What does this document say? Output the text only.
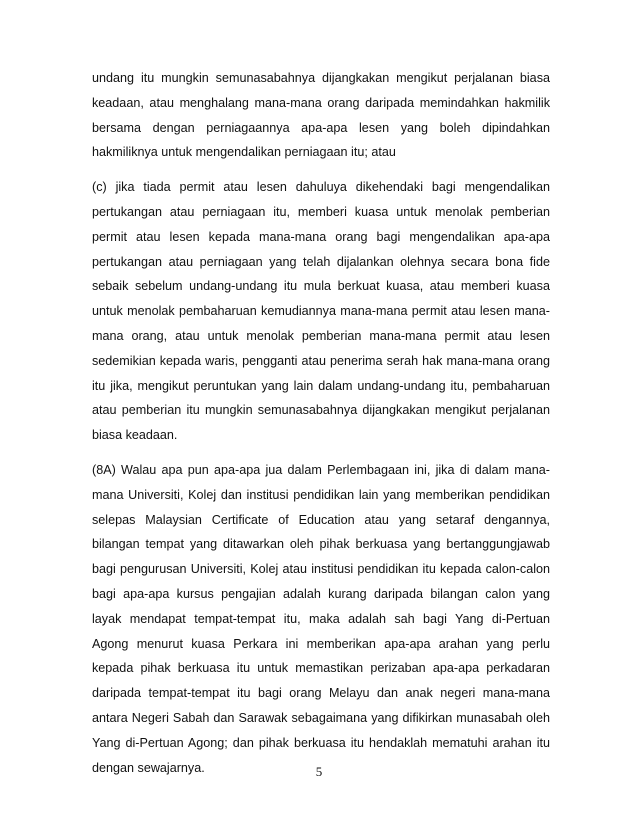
undang itu mungkin semunasabahnya dijangkakan mengikut perjalanan biasa
keadaan, atau menghalang mana-mana orang daripada memindahkan hakmilik
bersama dengan perniagaannya apa-apa lesen yang boleh dipindahkan
hakmiliknya untuk mengendalikan perniagaan itu; atau
(c) jika tiada permit atau lesen dahuluya dikehendaki bagi mengendalikan
pertukangan atau perniagaan itu, memberi kuasa untuk menolak pemberian
permit atau lesen kepada mana-mana orang bagi mengendalikan apa-apa
pertukangan atau perniagaan yang telah dijalankan olehnya secara bona fide
sebaik sebelum undang-undang itu mula berkuat kuasa, atau memberi kuasa
untuk menolak pembaharuan kemudiannya mana-mana permit atau lesen mana-
mana orang, atau untuk menolak pemberian mana-mana permit atau lesen
sedemikian kepada waris, pengganti atau penerima serah hak mana-mana orang
itu jika, mengikut peruntukan yang lain dalam undang-undang itu, pembaharuan
atau pemberian itu mungkin semunasabahnya dijangkakan mengikut perjalanan
biasa keadaan.
(8A) Walau apa pun apa-apa jua dalam Perlembagaan ini, jika di dalam mana-
mana Universiti, Kolej dan institusi pendidikan lain yang memberikan pendidikan
selepas Malaysian Certificate of Education atau yang setaraf dengannya,
bilangan tempat yang ditawarkan oleh pihak berkuasa yang bertanggungjawab
bagi pengurusan Universiti, Kolej atau institusi pendidikan itu kepada calon-calon
bagi apa-apa kursus pengajian adalah kurang daripada bilangan calon yang
layak mendapat tempat-tempat itu, maka adalah sah bagi Yang di-Pertuan
Agong menurut kuasa Perkara ini memberikan apa-apa arahan yang perlu
kepada pihak berkuasa itu untuk memastikan perizaban apa-apa perkadaran
daripada tempat-tempat itu bagi orang Melayu dan anak negeri mana-mana
antara Negeri Sabah dan Sarawak sebagaimana yang difikirkan munasabah oleh
Yang di-Pertuan Agong; dan pihak berkuasa itu hendaklah mematuhi arahan itu
dengan sewajarnya.	5
